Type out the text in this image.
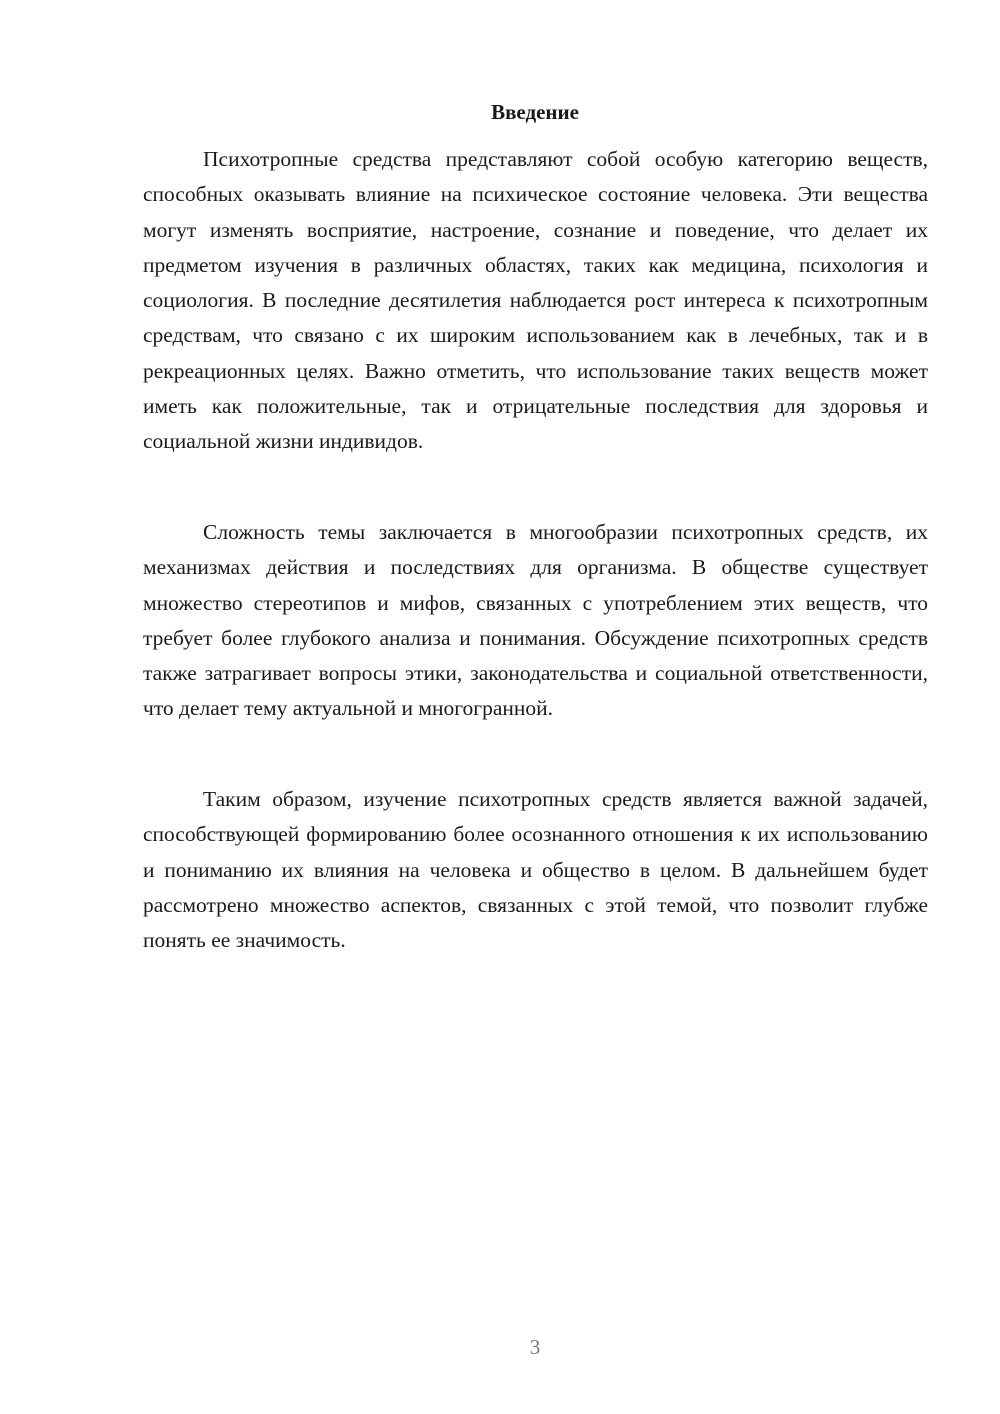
Введение

Психотропные средства представляют собой особую категорию веществ, способных оказывать влияние на психическое состояние человека. Эти вещества могут изменять восприятие, настроение, сознание и поведение, что делает их предметом изучения в различных областях, таких как медицина, психология и социология. В последние десятилетия наблюдается рост интереса к психотропным средствам, что связано с их широким использованием как в лечебных, так и в рекреационных целях. Важно отметить, что использование таких веществ может иметь как положительные, так и отрицательные последствия для здоровья и социальной жизни индивидов.

Сложность темы заключается в многообразии психотропных средств, их механизмах действия и последствиях для организма. В обществе существует множество стереотипов и мифов, связанных с употреблением этих веществ, что требует более глубокого анализа и понимания. Обсуждение психотропных средств также затрагивает вопросы этики, законодательства и социальной ответственности, что делает тему актуальной и многогранной.

Таким образом, изучение психотропных средств является важной задачей, способствующей формированию более осознанного отношения к их использованию и пониманию их влияния на человека и общество в целом. В дальнейшем будет рассмотрено множество аспектов, связанных с этой темой, что позволит глубже понять ее значимость.

3
